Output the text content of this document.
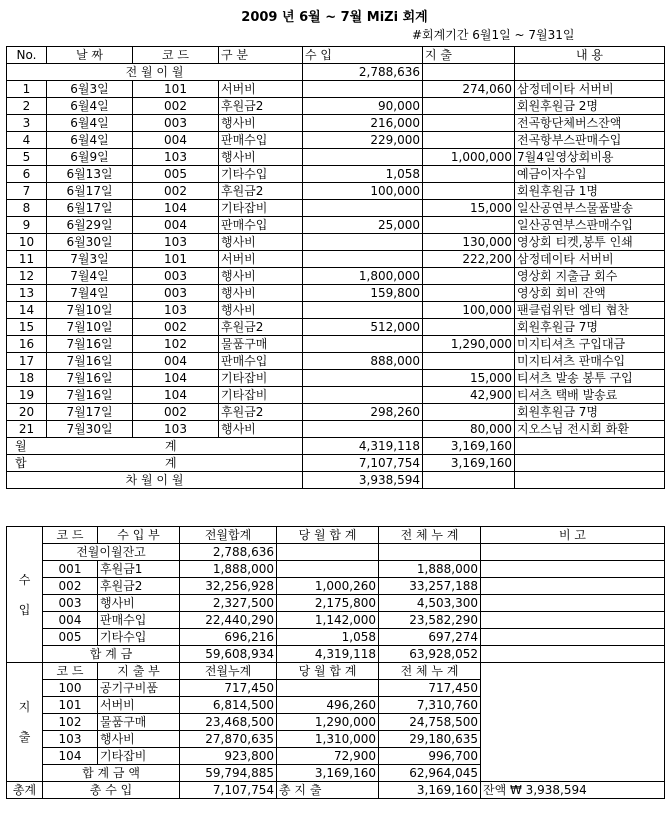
2009 년 6월 ~ 7월 MiZi 회계
#회계기간 6월1일 ~ 7월31일
No.	날 짜	코 드	구 분	수 입	지 출	내 용
전 월 이 월				2,788,636		
1	6월3일	101	서버비		274,060	삼정데이타 서버비
2	6월4일	002	후원금2	90,000		회원후원금 2명
3	6월4일	003	행사비	216,000		전곡항단체버스잔액
4	6월4일	004	판매수입	229,000		전곡항부스판매수입
5	6월9일	103	행사비		1,000,000	7월4일영상회비용
6	6월13일	005	기타수입	1,058		예금이자수입
7	6월17일	002	후원금2	100,000		회원후원금 1명
8	6월17일	104	기타잡비		15,000	일산공연부스물품발송
9	6월29일	004	판매수입	25,000		일산공연부스판매수입
10	6월30일	103	행사비		130,000	영상회 티켓,봉투 인쇄
11	7월3일	101	서버비		222,200	삼정데이타 서버비
12	7월4일	003	행사비	1,800,000		영상회 지출금 회수
13	7월4일	003	행사비	159,800		영상회 회비 잔액
14	7월10일	103	행사비		100,000	팬클럽위탄 엠티 협찬
15	7월10일	002	후원금2	512,000		회원후원금 7명
16	7월16일	102	물품구매		1,290,000	미지티셔츠 구입대금
17	7월16일	004	판매수입	888,000		미지티셔츠 판매수입
18	7월16일	104	기타잡비		15,000	티셔츠 발송 봉투 구입
19	7월16일	104	기타잡비		42,900	티셔츠 택배 발송료
20	7월17일	002	후원금2	298,260		회원후원금 7명
21	7월30일	103	행사비		80,000	지오스님 전시회 화환
월 계				4,319,118	3,169,160	
합 계				7,107,754	3,169,160	
차 월 이 월				3,938,594		
수
입	코 드	수 입 부	전월합계	당 월 합 계	전 체 누 계	비 고
	전월이월잔고		2,788,636			
	001	후원금1	1,888,000		1,888,000	
	002	후원금2	32,256,928	1,000,260	33,257,188	
	003	행사비	2,327,500	2,175,800	4,503,300	
	004	판매수입	22,440,290	1,142,000	23,582,290	
	005	기타수입	696,216	1,058	697,274	
	합 계 금		59,608,934	4,319,118	63,928,052	
지
출	코 드	지 출 부	전월누계	당 월 합 계	전 체 누 계	
	100	공기구비품	717,450		717,450	
	101	서버비	6,814,500	496,260	7,310,760	
	102	물품구매	23,468,500	1,290,000	24,758,500	
	103	행사비	27,870,635	1,310,000	29,180,635	
	104	기타잡비	923,800	72,900	996,700	
	합 계 금 액		59,794,885	3,169,160	62,964,045	
총계	총 수 입		7,107,754	총 지 출	3,169,160	잔액 ₩ 3,938,594
